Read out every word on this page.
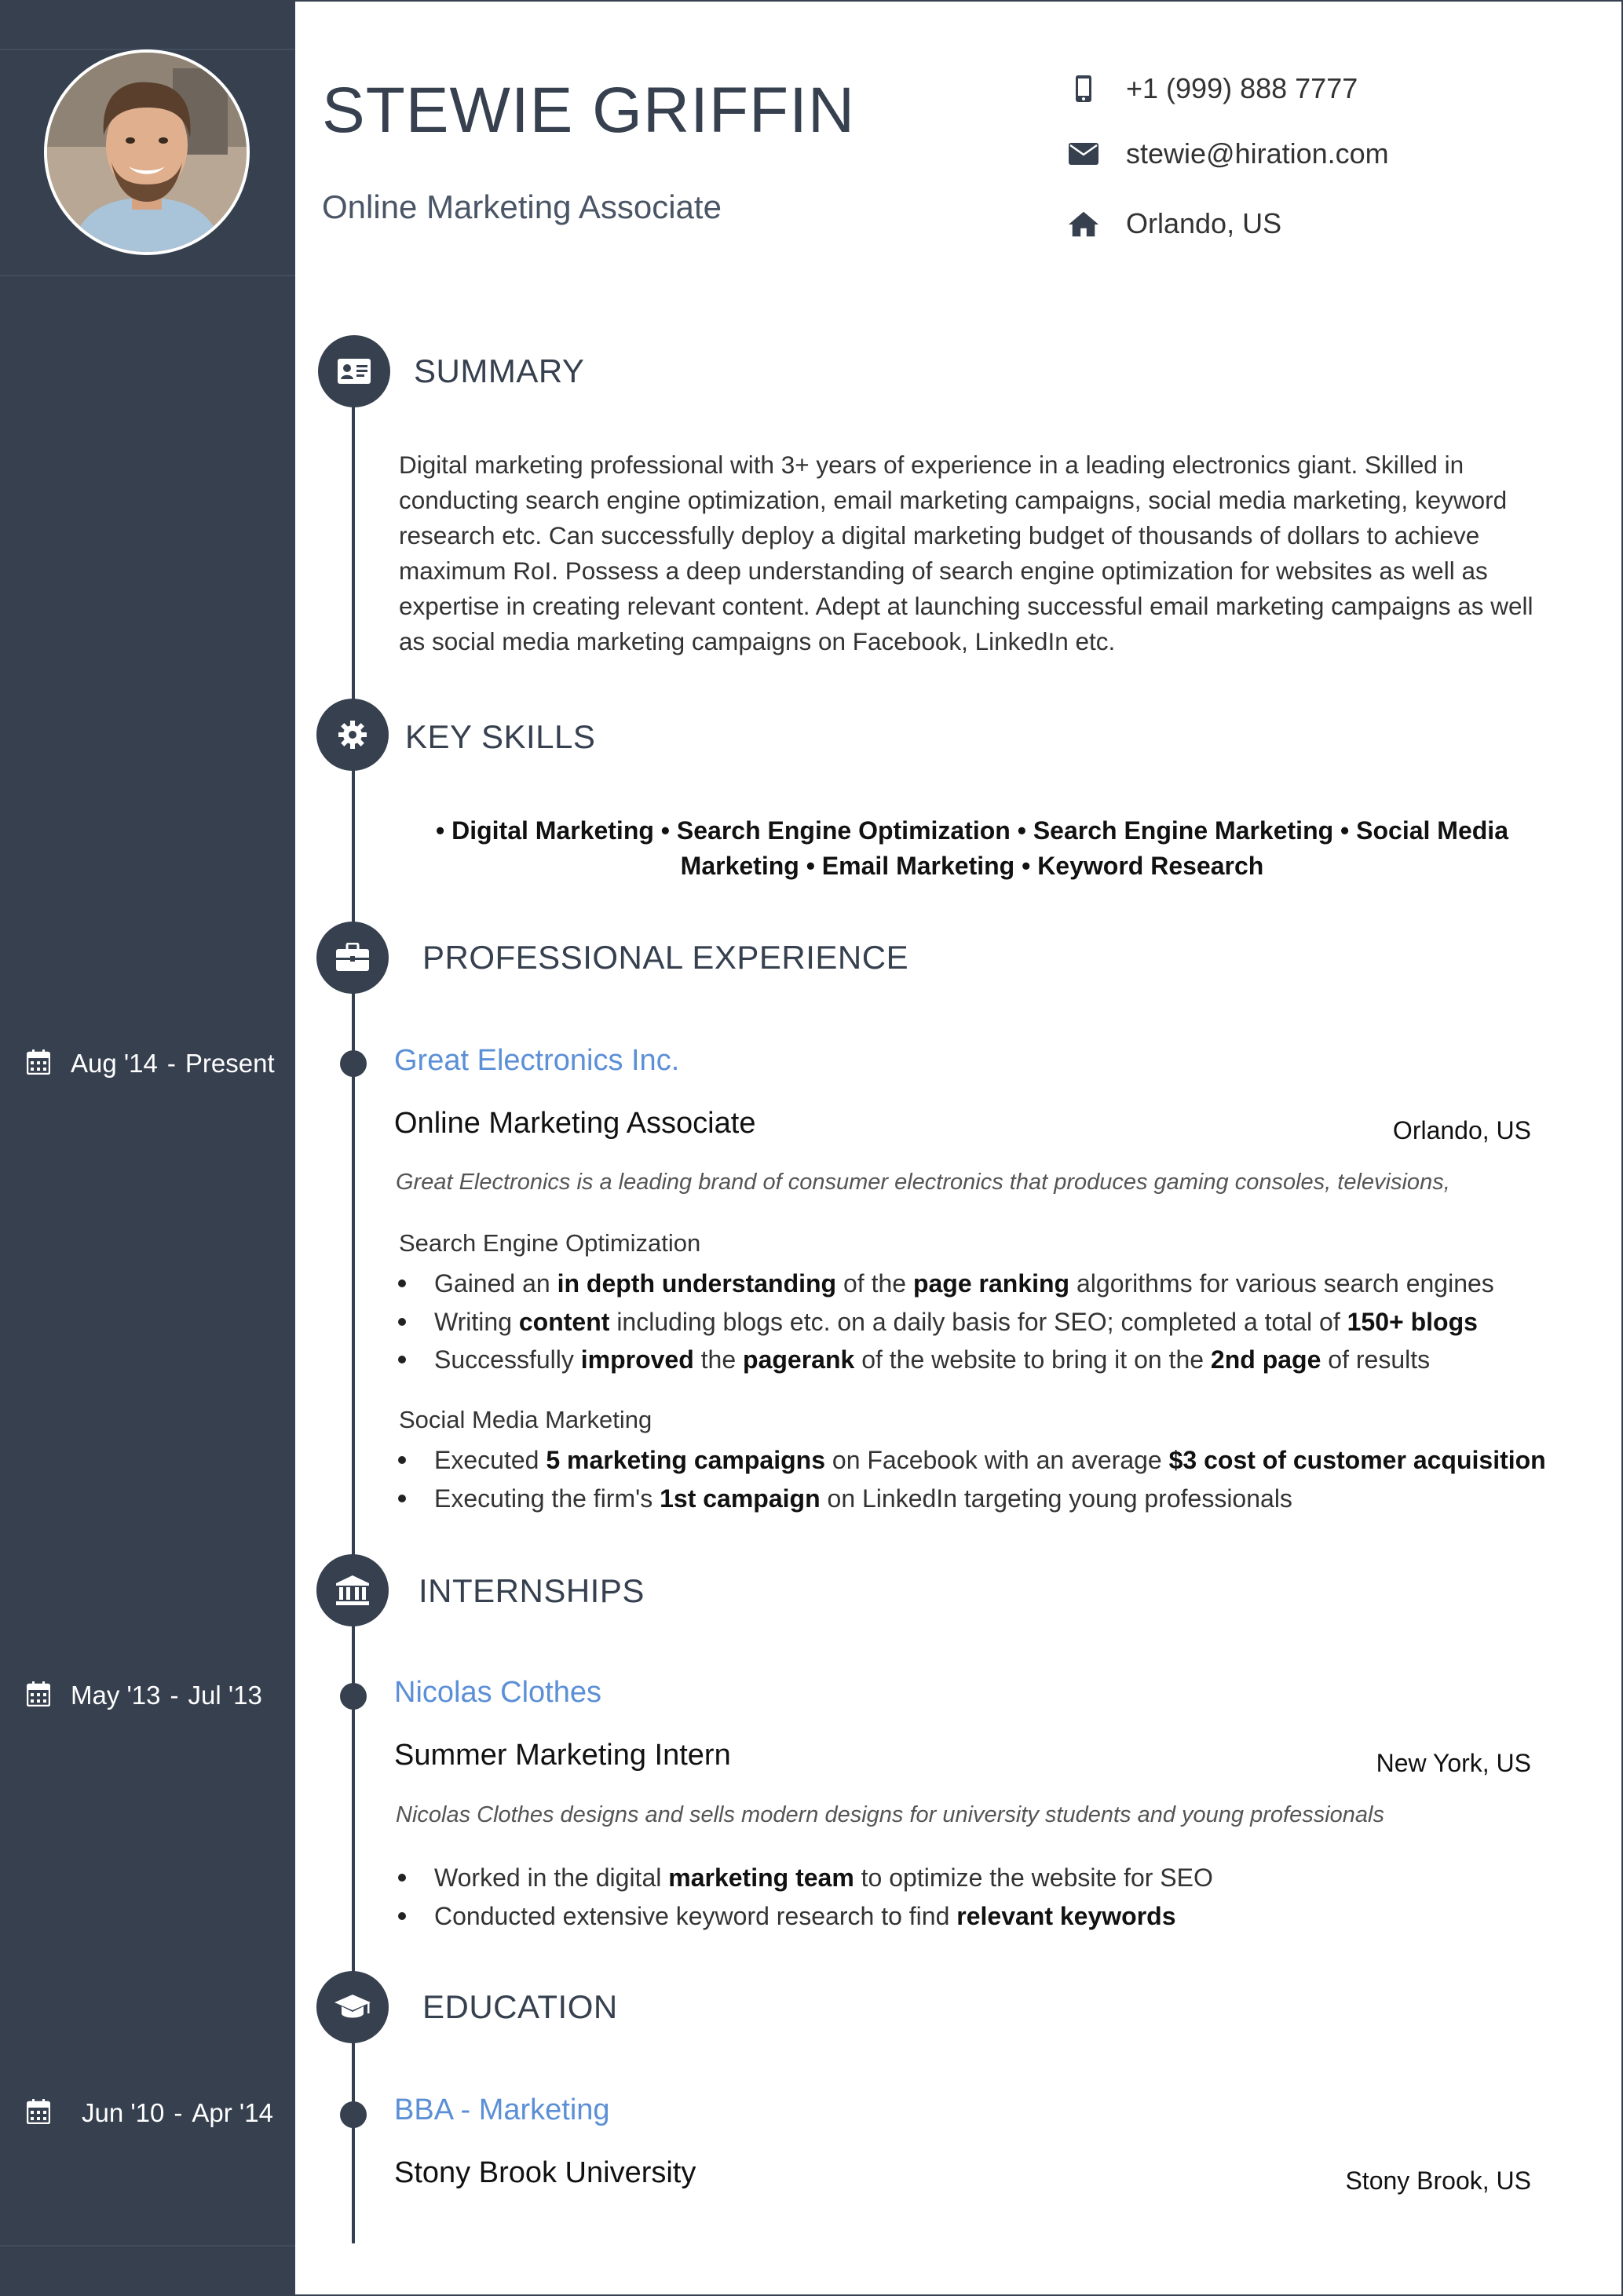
STEWIE GRIFFIN
Online Marketing Associate
+1 (999) 888 7777
stewie@hiration.com
Orlando, US
SUMMARY
Digital marketing professional with 3+ years of experience in a leading electronics giant. Skilled in conducting search engine optimization, email marketing campaigns, social media marketing, keyword research etc. Can successfully deploy a digital marketing budget of thousands of dollars to achieve maximum RoI. Possess a deep understanding of search engine optimization for websites as well as expertise in creating relevant content. Adept at launching successful email marketing campaigns as well as social media marketing campaigns on Facebook, LinkedIn etc.
KEY SKILLS
• Digital Marketing • Search Engine Optimization • Search Engine Marketing • Social Media Marketing • Email Marketing • Keyword Research
PROFESSIONAL EXPERIENCE
Aug '14 - Present	Great Electronics Inc.
Online Marketing Associate	Orlando, US
Great Electronics is a leading brand of consumer electronics that produces gaming consoles, televisions,
Search Engine Optimization
Gained an in depth understanding of the page ranking algorithms for various search engines
Writing content including blogs etc. on a daily basis for SEO; completed a total of 150+ blogs
Successfully improved the pagerank of the website to bring it on the 2nd page of results
Social Media Marketing
Executed 5 marketing campaigns on Facebook with an average $3 cost of customer acquisition
Executing the firm's 1st campaign on LinkedIn targeting young professionals
INTERNSHIPS
May '13 - Jul '13	Nicolas Clothes
Summer Marketing Intern	New York, US
Nicolas Clothes designs and sells modern designs for university students and young professionals
Worked in the digital marketing team to optimize the website for SEO
Conducted extensive keyword research to find relevant keywords
EDUCATION
Jun '10 - Apr '14	BBA - Marketing
Stony Brook University	Stony Brook, US
